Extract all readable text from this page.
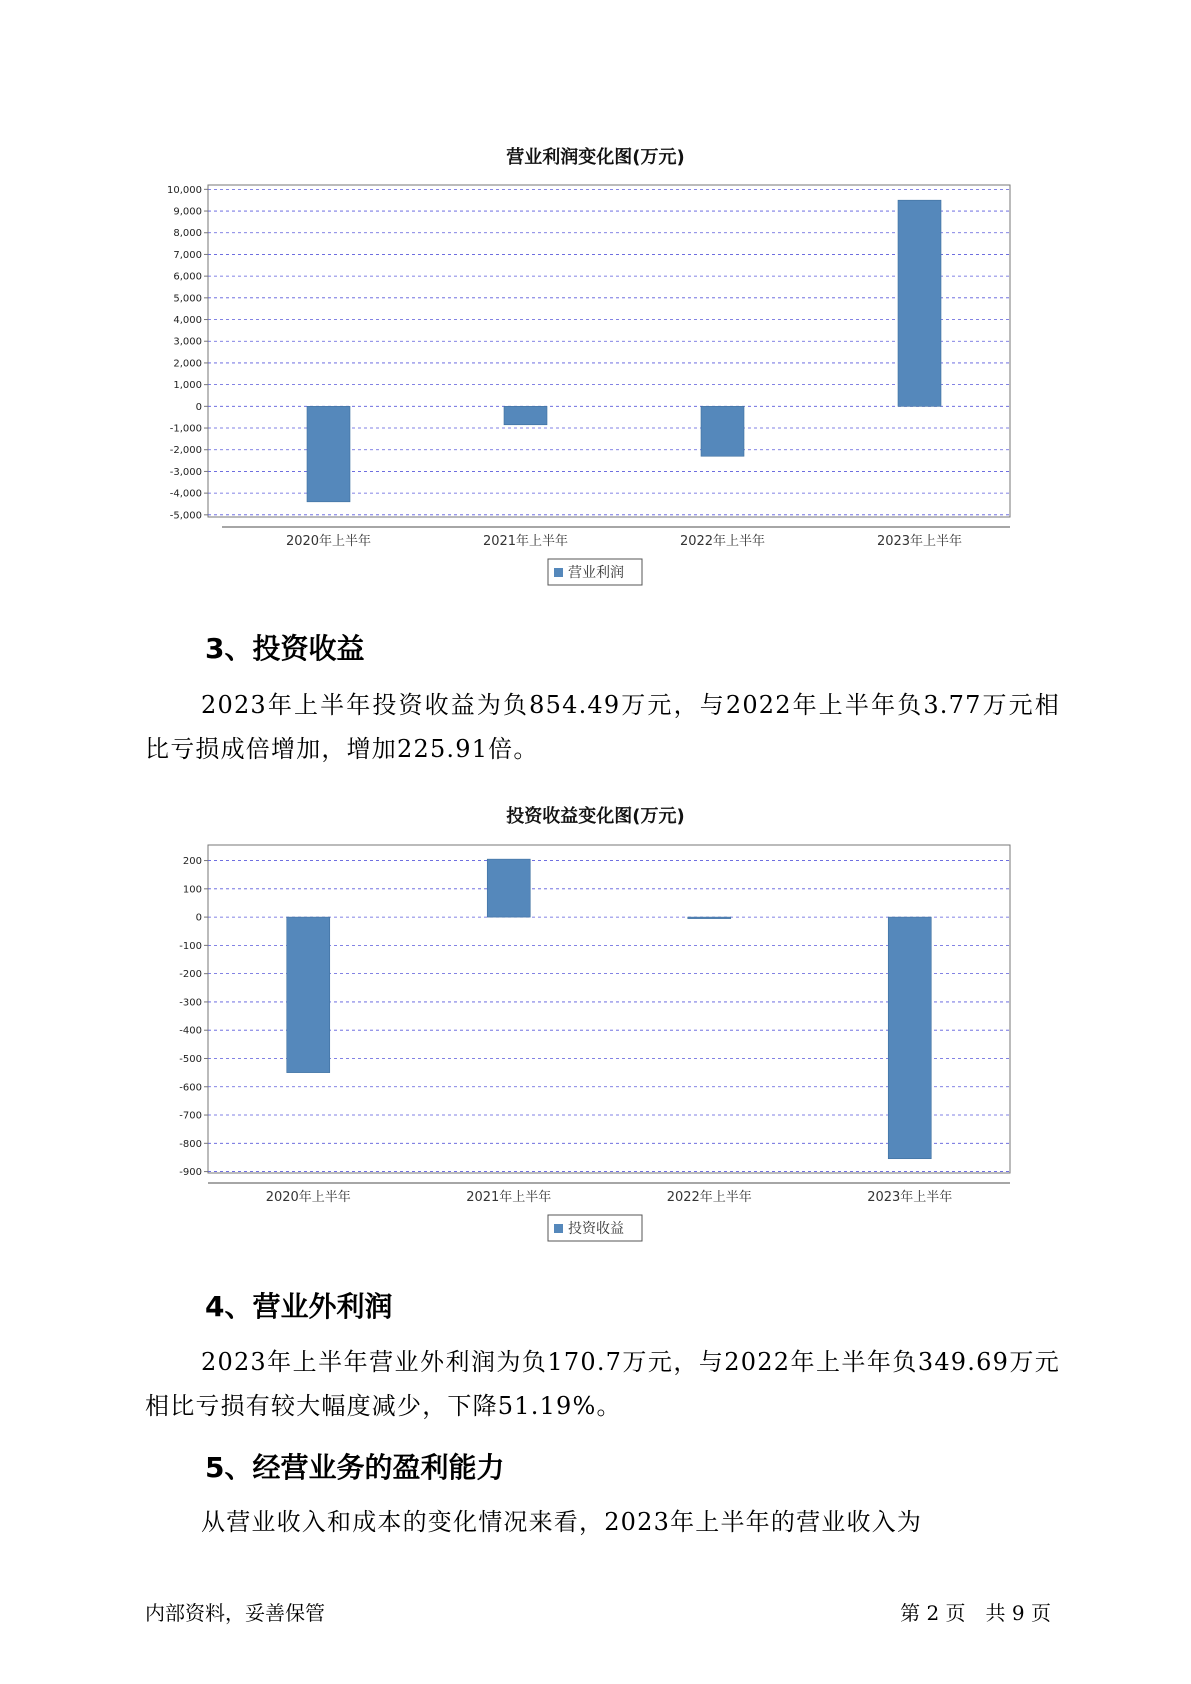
营业利润变化图(万元)
10,000
9,000
8,000
7,000
6,000
5,000
4,000
3,000
2,000
1,000
0
-1,000
-2,000
-3,000
-4,000
-5,000
2020年上半年	2021年上半年	2022年上半年	2023年上半年
营业利润
3、投资收益
2023年上半年投资收益为负854.49万元，与2022年上半年负3.77万元相比亏损成倍增加，增加225.91倍。
投资收益变化图(万元)
200
100
0
-100
-200
-300
-400
-500
-600
-700
-800
-900
2020年上半年	2021年上半年	2022年上半年	2023年上半年
投资收益
4、营业外利润
2023年上半年营业外利润为负170.7万元，与2022年上半年负349.69万元相比亏损有较大幅度减少，下降51.19%。
5、经营业务的盈利能力
从营业收入和成本的变化情况来看，2023年上半年的营业收入为
内部资料，妥善保管	第 2 页　共 9 页
